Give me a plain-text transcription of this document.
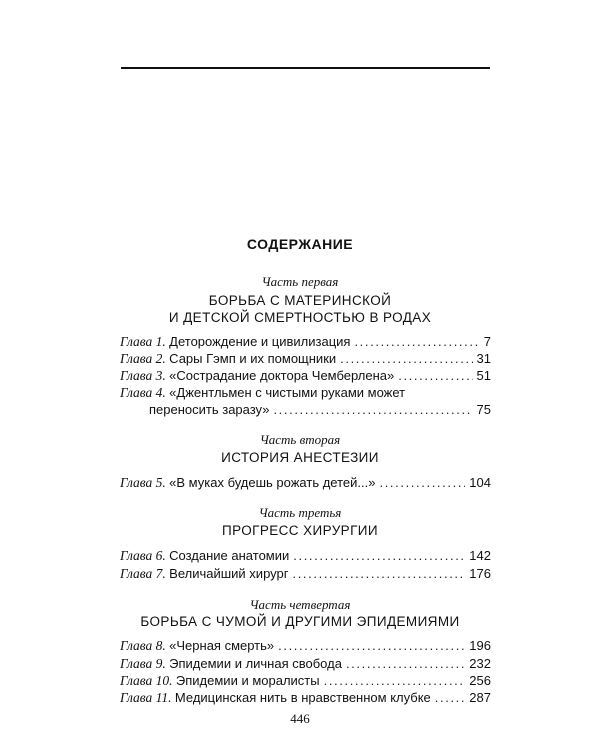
СОДЕРЖАНИЕ
Часть первая
БОРЬБА С МАТЕРИНСКОЙ
И ДЕТСКОЙ СМЕРТНОСТЬЮ В РОДАХ
Глава 1.
Деторождение и цивилизация . . .	7
Глава 2.
Сары Гэмп и их помощники . . .	31
Глава 3.
«Сострадание доктора Чемберлена» . . .	51
Глава 4.
«Джентльмен с чистыми руками может
переносить заразу» . . .	75
Часть вторая
ИСТОРИЯ АНЕСТЕЗИИ
Глава 5.
«В муках будешь рожать детей...» . . .	104
Часть третья
ПРОГРЕСС ХИРУРГИИ
Глава 6.
Создание анатомии . . .	142
Глава 7.
Величайший хирург . . .	176
Часть четвертая
БОРЬБА С ЧУМОЙ И ДРУГИМИ ЭПИДЕМИЯМИ
Глава 8.
«Черная смерть» . . .	196
Глава 9.
Эпидемии и личная свобода . . .	232
Глава 10.
Эпидемии и моралисты . . .	256
Глава 11.
Медицинская нить в нравственном клубке . . .	287
446
